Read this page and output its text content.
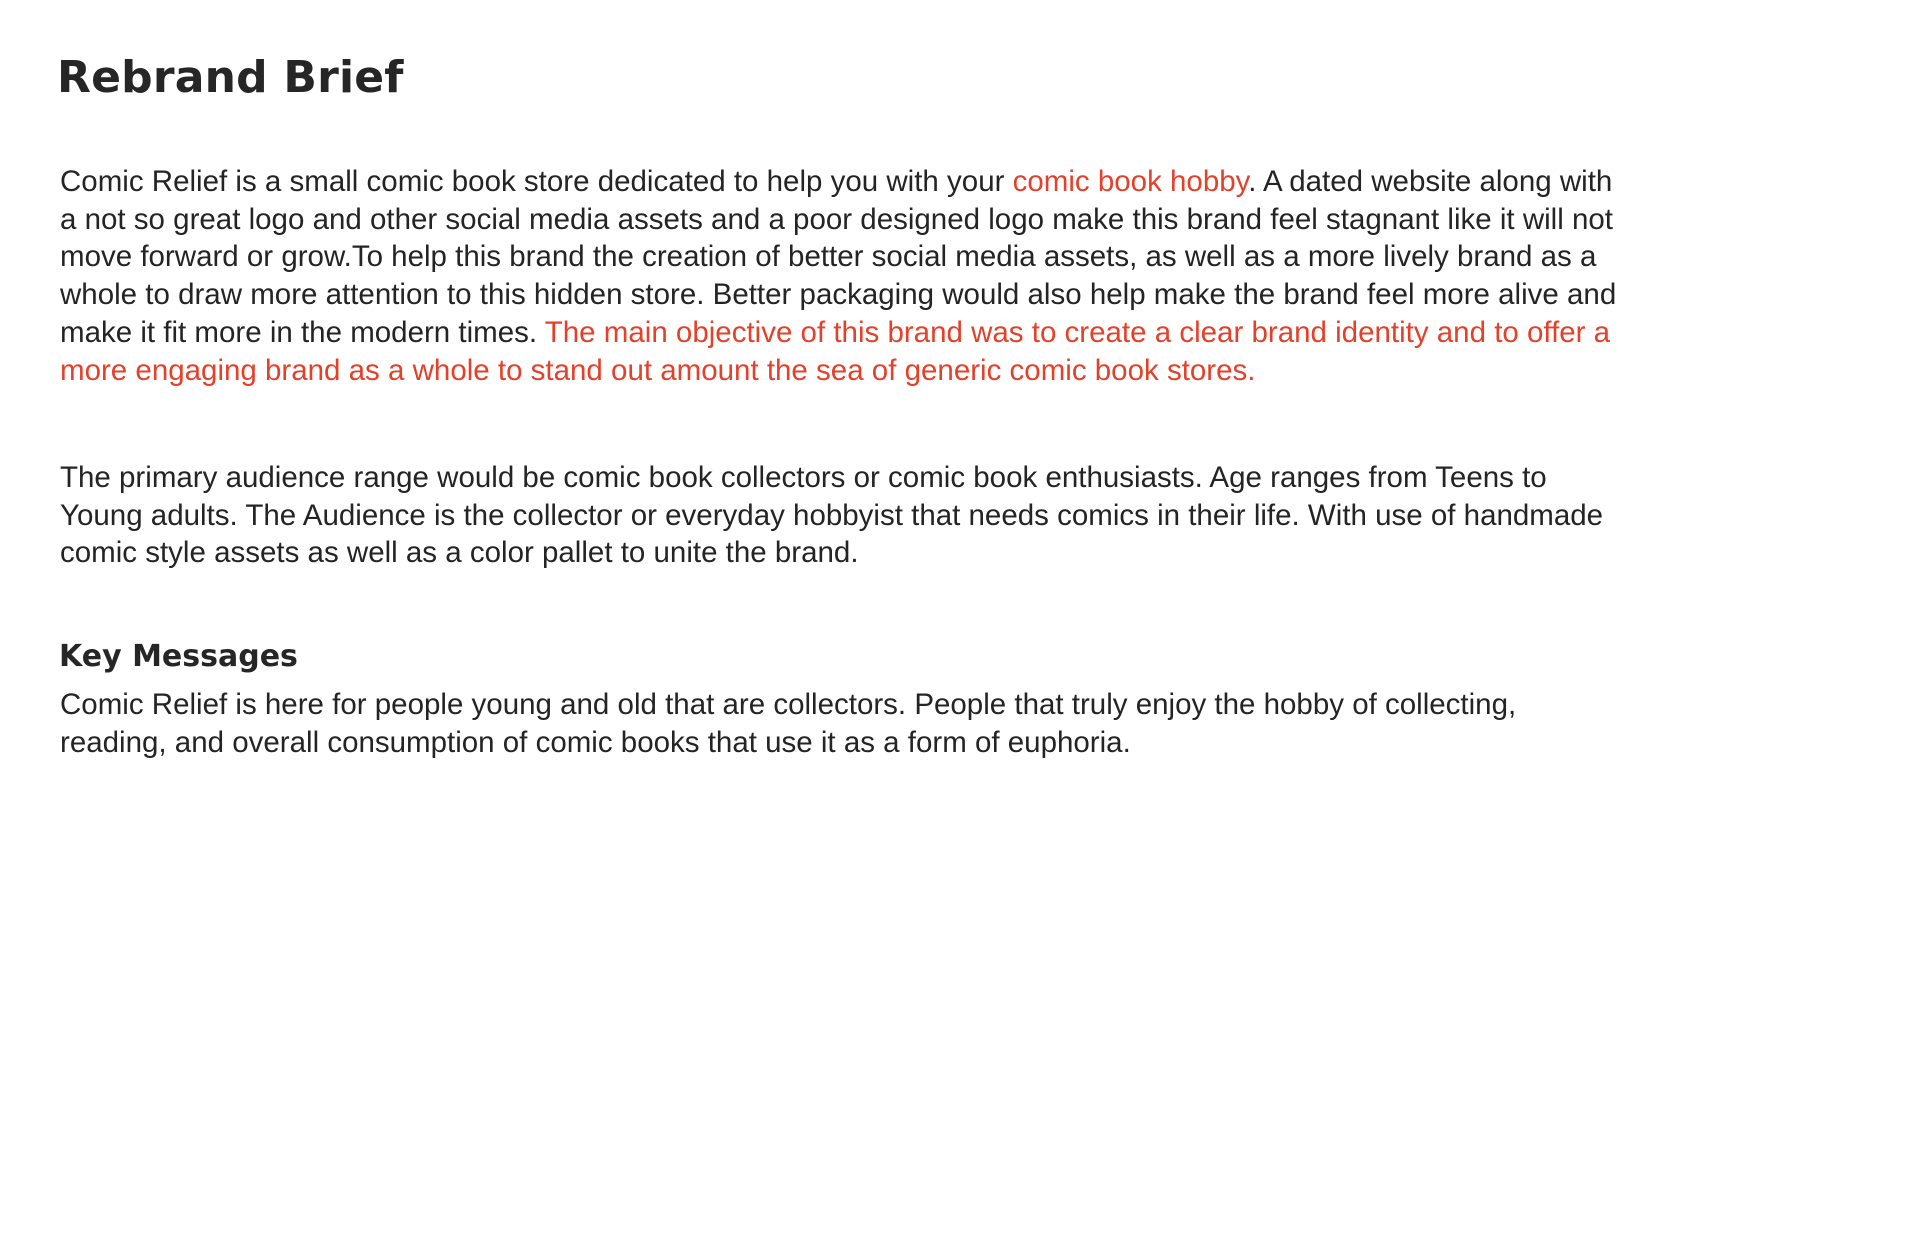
Rebrand Brief

Comic Relief is a small comic book store dedicated to help you with your comic book hobby. A dated website along with a not so great logo and other social media assets and a poor designed logo make this brand feel stagnant like it will not move forward or grow.To help this brand the creation of better social media assets, as well as a more lively brand as a whole to draw more attention to this hidden store. Better packaging would also help make the brand feel more alive and make it fit more in the modern times. The main objective of this brand was to create a clear brand identity and to offer a more engaging brand as a whole to stand out amount the sea of generic comic book stores.

The primary audience range would be comic book collectors or comic book enthusiasts. Age ranges from Teens to Young adults. The Audience is the collector or everyday hobbyist that needs comics in their life. With use of handmade comic style assets as well as a color pallet to unite the brand.

Key Messages

Comic Relief is here for people young and old that are collectors. People that truly enjoy the hobby of collecting, reading, and overall consumption of comic books that use it as a form of euphoria.
